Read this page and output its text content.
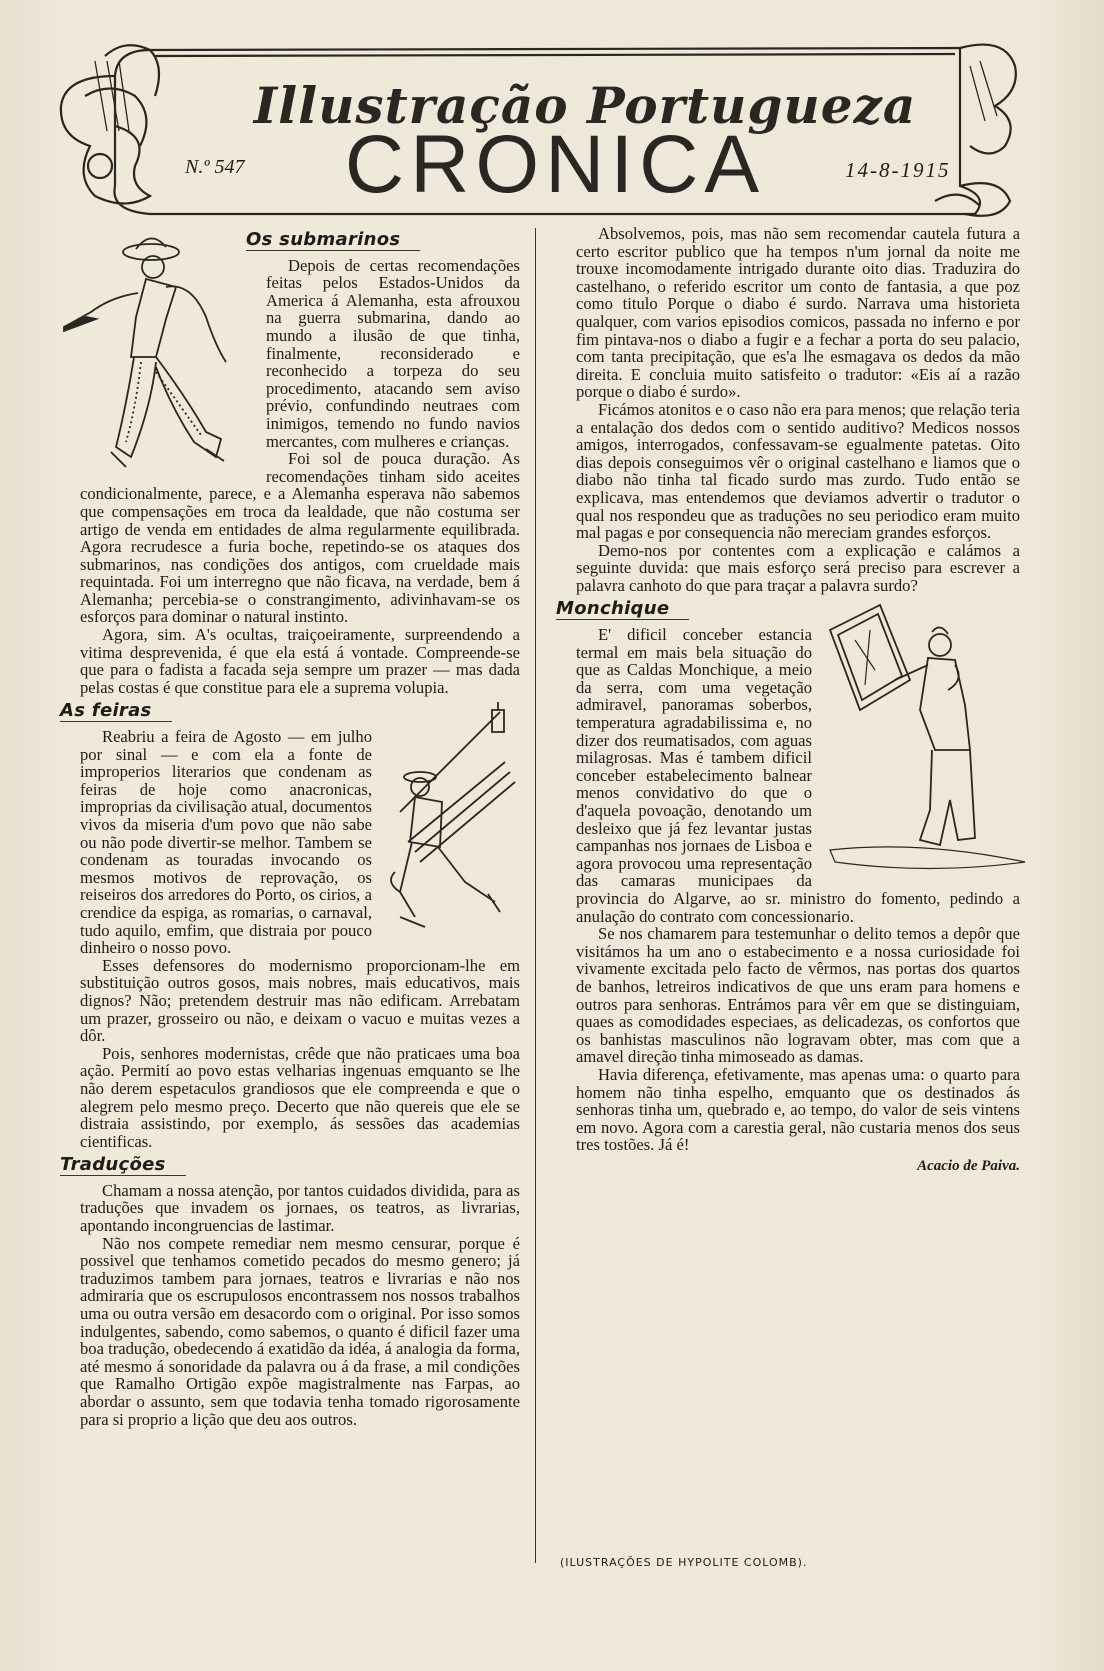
Illustração Portugueza
N.º 547	CRONICA	14-8-1915
Os submarinos

Depois de certas recomendações feitas pelos Estados-Unidos da America á Alemanha, esta afrouxou na guerra submarina, dando ao mundo a ilusão de que tinha, finalmente, reconsiderado e reconhecido a torpeza do seu procedimento, atacando sem aviso prévio, confundindo neutraes com inimigos, temendo no fundo navios mercantes, com mulheres e crianças.

Foi sol de pouca duração. As recomendações tinham sido aceites condicionalmente, parece, e a Alemanha esperava não sabemos que compensações em troca da lealdade, que não costuma ser artigo de venda em entidades de alma regularmente equilibrada. Agora recrudesce a furia boche, repetindo-se os ataques dos submarinos, nas condições dos antigos, com crueldade mais requintada. Foi um interregno que não ficava, na verdade, bem á Alemanha; percebia-se o constrangimento, adivinhavam-se os esforços para dominar o natural instinto.

Agora, sim. A's ocultas, traiçoeiramente, surpreendendo a vitima desprevenida, é que ela está á vontade. Compreende-se que para o fadista a facada seja sempre um prazer — mas dada pelas costas é que constitue para ele a suprema volupia.

As feiras

Reabriu a feira de Agosto — em julho por sinal — e com ela a fonte de improperios literarios que condenam as feiras de hoje como anacronicas, improprias da civilisação atual, documentos vivos da miseria d'um povo que não sabe ou não pode divertir-se melhor. Tambem se condenam as touradas invocando os mesmos motivos de reprovação, os reiseiros dos arredores do Porto, os cirios, a crendice da espiga, as romarias, o carnaval, tudo aquilo, emfim, que distraia por pouco dinheiro o nosso povo.

Esses defensores do modernismo proporcionam-lhe em substituição outros gosos, mais nobres, mais educativos, mais dignos? Não; pretendem destruir mas não edificam. Arrebatam um prazer, grosseiro ou não, e deixam o vacuo e muitas vezes a dôr.

Pois, senhores modernistas, crêde que não praticaes uma boa ação. Permití ao povo estas velharias ingenuas emquanto se lhe não derem espetaculos grandiosos que ele compreenda e que o alegrem pelo mesmo preço. Decerto que não quereis que ele se distraia assistindo, por exemplo, ás sessões das academias cientificas.

Traduções

Chamam a nossa atenção, por tantos cuidados dividida, para as traduções que invadem os jornaes, os teatros, as livrarias, apontando incongruencias de lastimar.

Não nos compete remediar nem mesmo censurar, porque é possivel que tenhamos cometido pecados do mesmo genero; já traduzimos tambem para jornaes, teatros e livrarias e não nos admiraria que os escrupulosos encontrassem nos nossos trabalhos uma ou outra versão em desacordo com o original. Por isso somos indulgentes, sabendo, como sabemos, o quanto é dificil fazer uma boa tradução, obedecendo á exatidão da idéa, á analogia da forma, até mesmo á sonoridade da palavra ou á da frase, a mil condições que Ramalho Ortigão expõe magistralmente nas Farpas, ao abordar o assunto, sem que todavia tenha tomado rigorosamente para si proprio a lição que deu aos outros.

Absolvemos, pois, mas não sem recomendar cautela futura a certo escritor publico que ha tempos n'um jornal da noite me trouxe incomodamente intrigado durante oito dias. Traduzira do castelhano, o referido escritor um conto de fantasia, a que poz como titulo Porque o diabo é surdo. Narrava uma historieta qualquer, com varios episodios comicos, passada no inferno e por fim pintava-nos o diabo a fugir e a fechar a porta do seu palacio, com tanta precipitação, que es'a lhe esmagava os dedos da mão direita. E concluia muito satisfeito o tradutor: «Eis aí a razão porque o diabo é surdo».

Ficámos atonitos e o caso não era para menos; que relação teria a entalação dos dedos com o sentido auditivo? Medicos nossos amigos, interrogados, confessavam-se egualmente patetas. Oito dias depois conseguimos vêr o original castelhano e liamos que o diabo não tinha tal ficado surdo mas zurdo. Tudo então se explicava, mas entendemos que deviamos advertir o tradutor o qual nos respondeu que as traduções no seu periodico eram muito mal pagas e por consequencia não mereciam grandes esforços.

Demo-nos por contentes com a explicação e calámos a seguinte duvida: que mais esforço será preciso para escrever a palavra canhoto do que para traçar a palavra surdo?

Monchique

E' dificil conceber estancia termal em mais bela situação do que as Caldas Monchique, a meio da serra, com uma vegetação admiravel, panoramas soberbos, temperatura agradabilissima e, no dizer dos reumatisados, com aguas milagrosas. Mas é tambem dificil conceber estabelecimento balnear menos convidativo do que o d'aquela povoação, denotando um desleixo que já fez levantar justas campanhas nos jornaes de Lisboa e agora provocou uma representação das camaras municipaes da provincia do Algarve, ao sr. ministro do fomento, pedindo a anulação do contrato com concessionario.

Se nos chamarem para testemunhar o delito temos a depôr que visitámos ha um ano o estabecimento e a nossa curiosidade foi vivamente excitada pelo facto de vêrmos, nas portas dos quartos de banhos, letreiros indicativos de que uns eram para homens e outros para senhoras. Entrámos para vêr em que se distinguiam, quaes as comodidades especiaes, as delicadezas, os confortos que os banhistas masculinos não logravam obter, mas com que a amavel direção tinha mimoseado as damas.

Havia diferença, efetivamente, mas apenas uma: o quarto para homem não tinha espelho, emquanto que os destinados ás senhoras tinha um, quebrado e, ao tempo, do valor de seis vintens em novo. Agora com a carestia geral, não custaria menos dos seus tres tostões. Já é!

Acacio de Paiva.
(ILUSTRAÇÕES DE HYPOLITE COLOMB).
